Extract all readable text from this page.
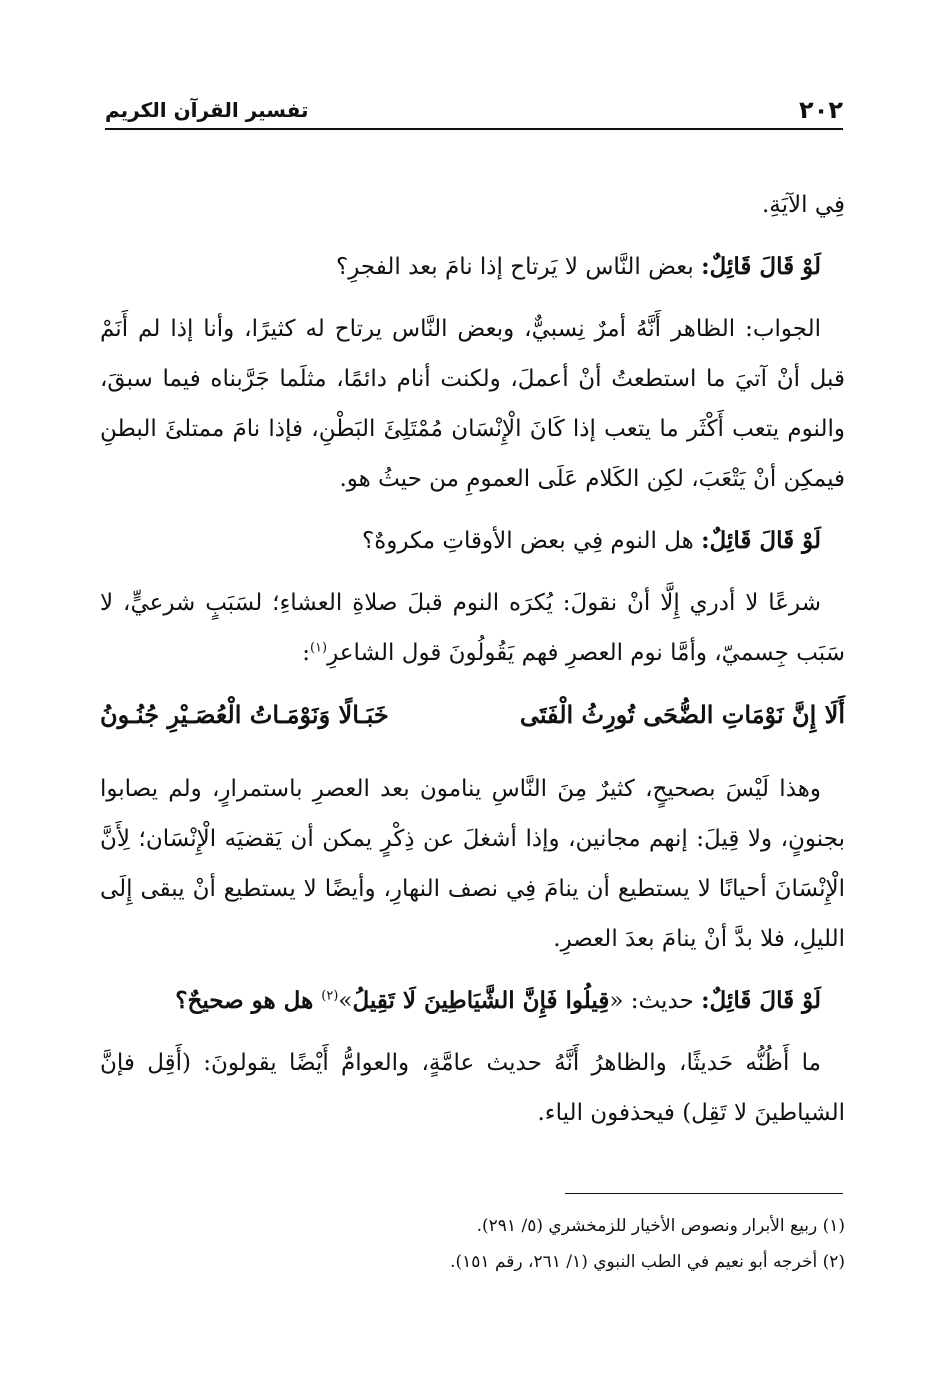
٢٠٢
تفسير القرآن الكريم

فِي الآيَةِ.

لَوْ قَالَ قَائِلٌ: بعض النَّاس لا يَرتاح إذا نامَ بعد الفجرِ؟

الجواب: الظاهر أَنَّهُ أمرٌ نِسبيٌّ، وبعض النَّاس يرتاح له كثيرًا، وأنا إذا لم أَنَمْ قبل أنْ آتيَ ما استطعتُ أنْ أعملَ، ولكنت أنام دائمًا، مثلَما جَرَّبناه فيما سبقَ، والنوم يتعب أَكْثَر ما يتعب إذا كَانَ الْإِنْسَان مُمْتَلِئَ البَطْنِ، فإذا نامَ ممتلئَ البطنِ فيمكِن أنْ يَتْعَبَ، لكِن الكَلام عَلَى العمومِ من حيثُ هو.

لَوْ قَالَ قَائِلٌ: هل النوم فِي بعض الأوقاتِ مكروهٌ؟

شرعًا لا أدري إِلَّا أنْ نقولَ: يُكرَه النوم قبلَ صلاةِ العشاءِ؛ لسَبَبٍ شرعيٍّ، لا سَبَب جِسميّ، وأمَّا نوم العصرِ فهم يَقُولُونَ قول الشاعرِ$^{(١)}$:

أَلَا إِنَّ نَوْمَاتِ الضُّحَى تُورِثُ الْفَتَى
خَبَـالًا وَنَوْمَـاتُ الْعُصَـيْرِ جُنُـونُ

وهذا لَيْسَ بصحيحٍ، كثيرٌ مِنَ النَّاسِ ينامون بعد العصرِ باستمرارٍ، ولم يصابوا بجنونٍ، ولا قِيلَ: إنهم مجانين، وإذا أشغلَ عن ذِكْرٍ يمكن أن يَقضيَه الْإِنْسَان؛ لِأَنَّ الْإِنْسَانَ أحيانًا لا يستطيع أن ينامَ فِي نصف النهارِ، وأيضًا لا يستطيع أنْ يبقى إِلَى الليلِ، فلا بدَّ أنْ ينامَ بعدَ العصرِ.

لَوْ قَالَ قَائِلٌ: حديث: «قِيلُوا فَإِنَّ الشَّيَاطِينَ لَا تَقِيلُ»$^{(٢)}$ هل هو صحيحٌ؟

ما أَظُنُّه حَديثًا، والظاهرُ أَنَّهُ حديث عامَّةٍ، والعوامُّ أَيْضًا يقولونَ: (أَقِل فإنَّ الشياطينَ لا تَقِل) فيحذفون الياء.

(١) ربيع الأبرار ونصوص الأخيار للزمخشري (٥/ ٢٩١).
(٢) أخرجه أبو نعيم في الطب النبوي (١/ ٢٦١، رقم ١٥١).
